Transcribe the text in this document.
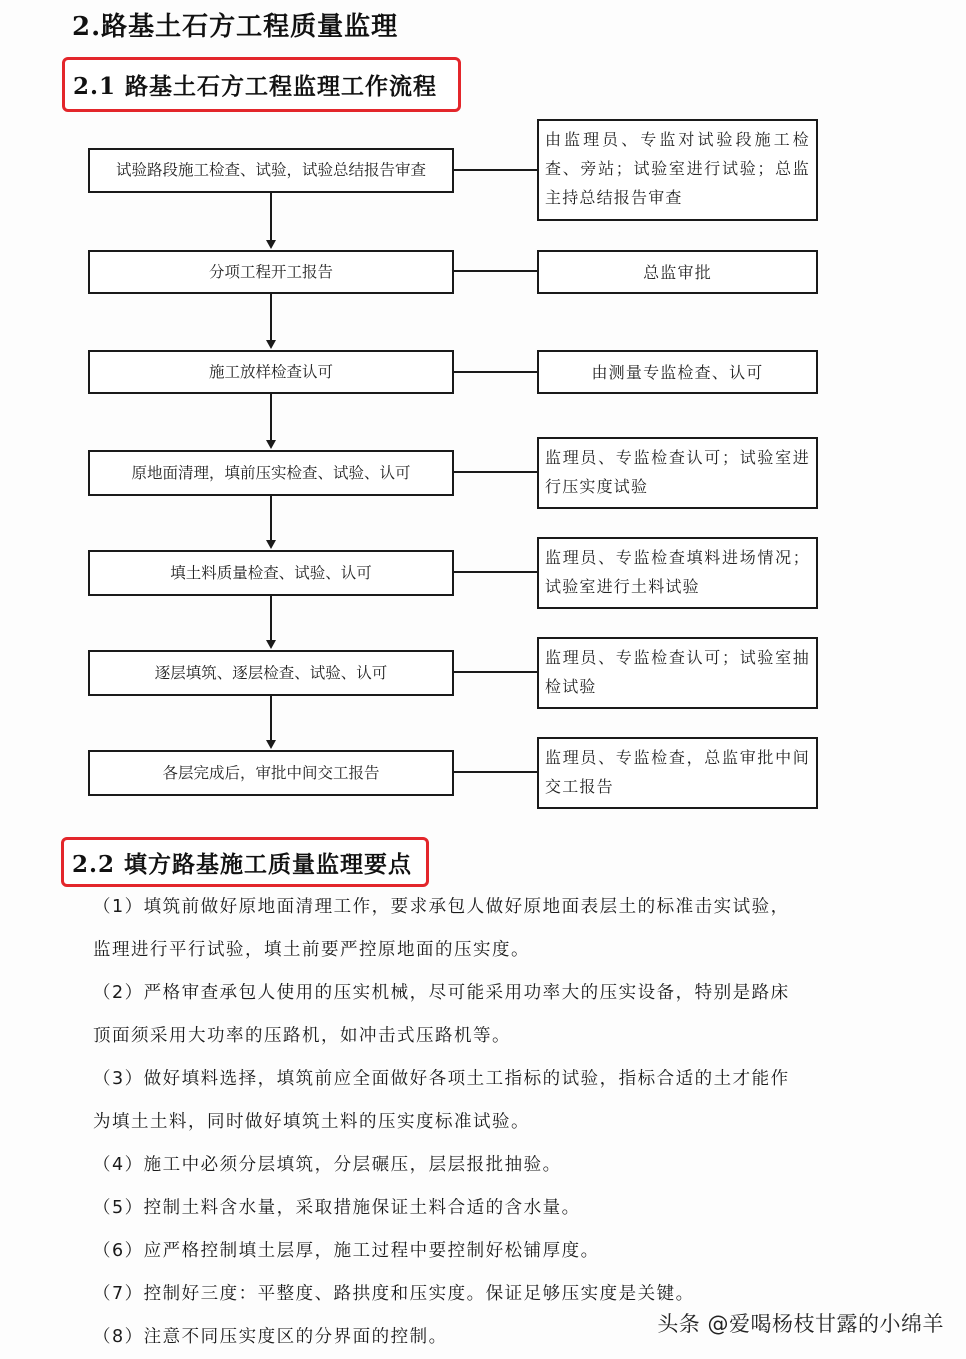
2.路基土石方工程质量监理
2.1 路基土石方工程监理工作流程
试验路段施工检查、试验，试验总结报告审查
由监理员、专监对试验段施工检查、旁站；试验室进行试验；总监主持总结报告审查
分项工程开工报告	总监审批
施工放样检查认可	由测量专监检查、认可
原地面清理，填前压实检查、试验、认可
监理员、专监检查认可；试验室进行压实度试验
填土料质量检查、试验、认可
监理员、专监检查填料进场情况；试验室进行土料试验
逐层填筑、逐层检查、试验、认可
监理员、专监检查认可；试验室抽检试验
各层完成后，审批中间交工报告
监理员、专监检查，总监审批中间交工报告
2.2 填方路基施工质量监理要点
（1）填筑前做好原地面清理工作，要求承包人做好原地面表层土的标准击实试验，
监理进行平行试验，填土前要严控原地面的压实度。
（2）严格审查承包人使用的压实机械，尽可能采用功率大的压实设备，特别是路床
顶面须采用大功率的压路机，如冲击式压路机等。
（3）做好填料选择，填筑前应全面做好各项土工指标的试验，指标合适的土才能作
为填土土料，同时做好填筑土料的压实度标准试验。
（4）施工中必须分层填筑，分层碾压，层层报批抽验。
（5）控制土料含水量，采取措施保证土料合适的含水量。
（6）应严格控制填土层厚，施工过程中要控制好松铺厚度。
（7）控制好三度：平整度、路拱度和压实度。保证足够压实度是关键。
（8）注意不同压实度区的分界面的控制。
头条 @爱喝杨枝甘露的小绵羊
